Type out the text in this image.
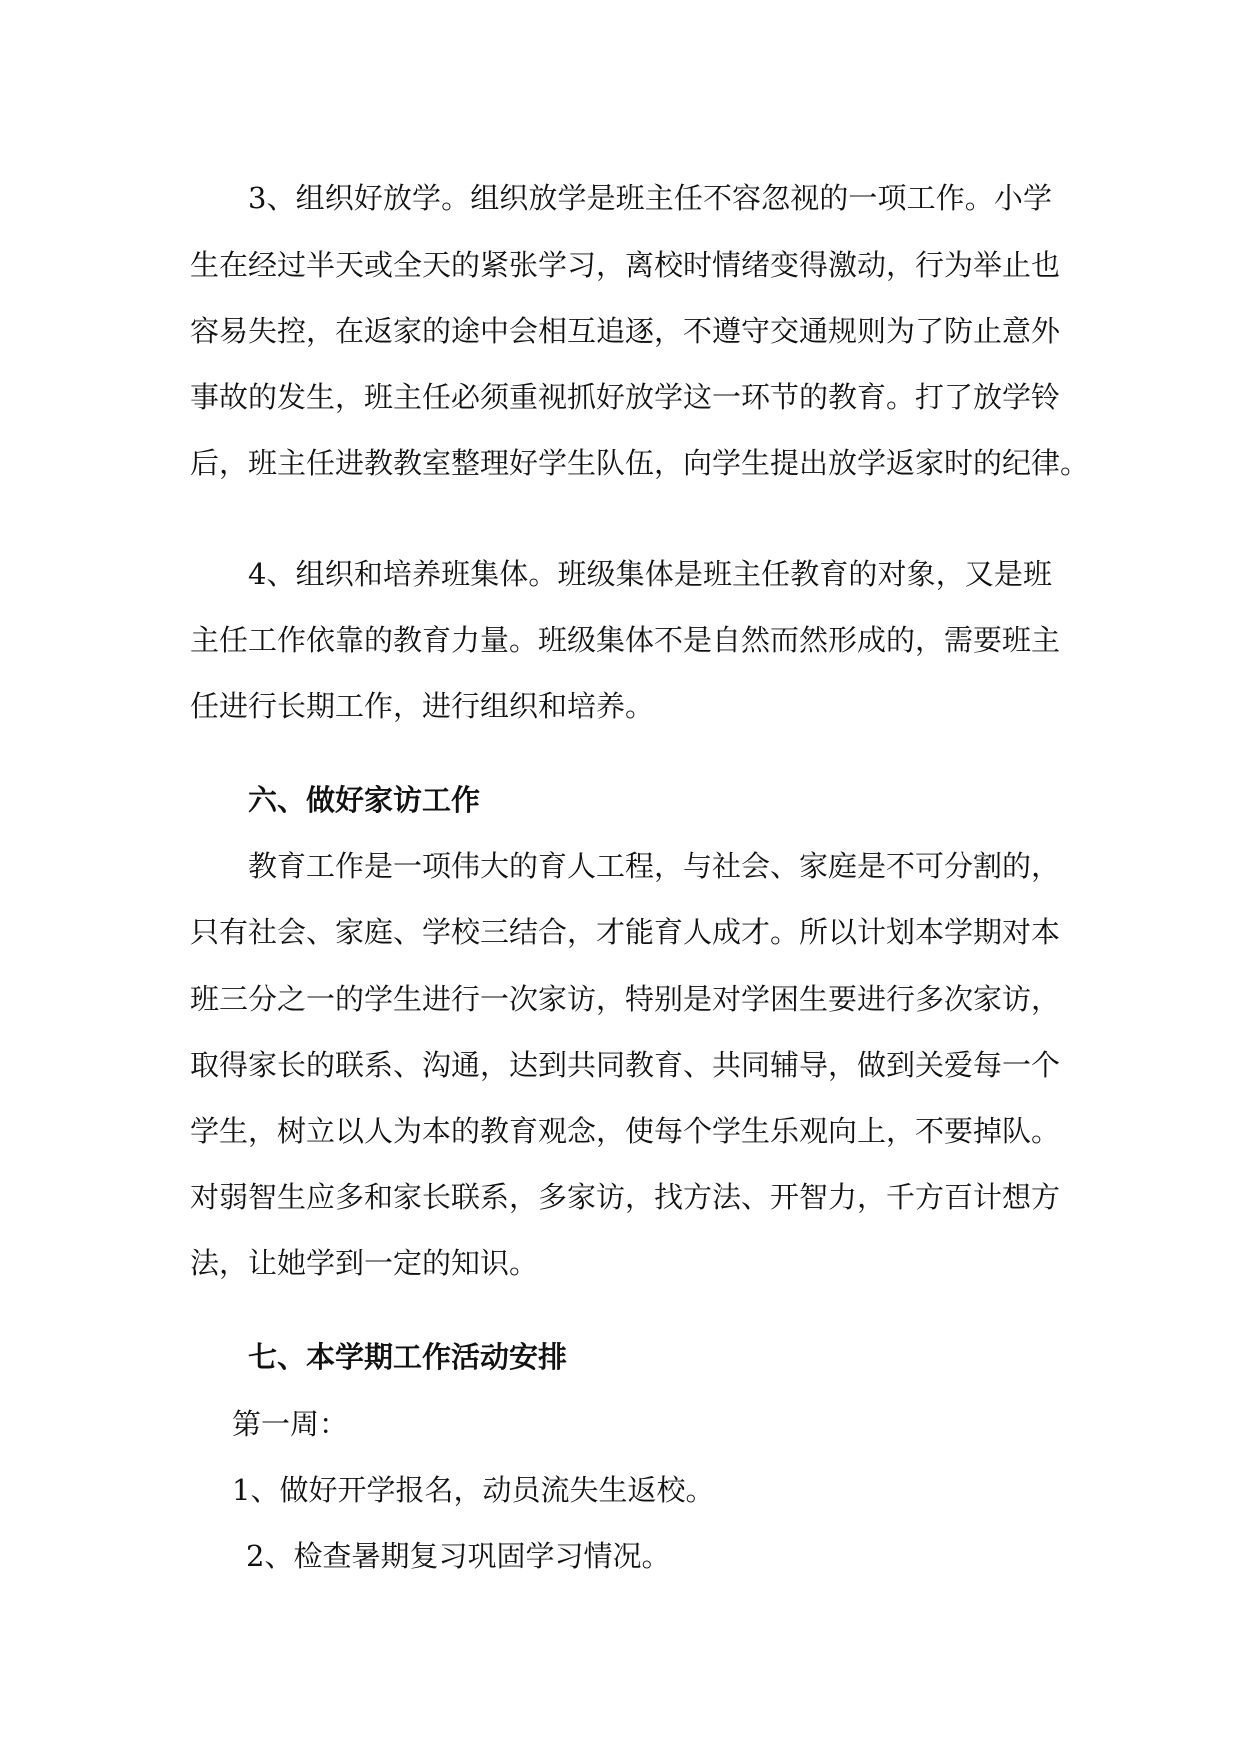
3、组织好放学。组织放学是班主任不容忽视的一项工作。小学
生在经过半天或全天的紧张学习，离校时情绪变得激动，行为举止也
容易失控，在返家的途中会相互追逐，不遵守交通规则为了防止意外
事故的发生，班主任必须重视抓好放学这一环节的教育。打了放学铃
后，班主任进教教室整理好学生队伍，向学生提出放学返家时的纪律。
4、组织和培养班集体。班级集体是班主任教育的对象，又是班
主任工作依靠的教育力量。班级集体不是自然而然形成的，需要班主
任进行长期工作，进行组织和培养。
六、做好家访工作
教育工作是一项伟大的育人工程，与社会、家庭是不可分割的，
只有社会、家庭、学校三结合，才能育人成才。所以计划本学期对本
班三分之一的学生进行一次家访，特别是对学困生要进行多次家访，
取得家长的联系、沟通，达到共同教育、共同辅导，做到关爱每一个
学生，树立以人为本的教育观念，使每个学生乐观向上，不要掉队。
对弱智生应多和家长联系，多家访，找方法、开智力，千方百计想方
法，让她学到一定的知识。
七、本学期工作活动安排
第一周：
1、做好开学报名，动员流失生返校。
2、检查暑期复习巩固学习情况。
